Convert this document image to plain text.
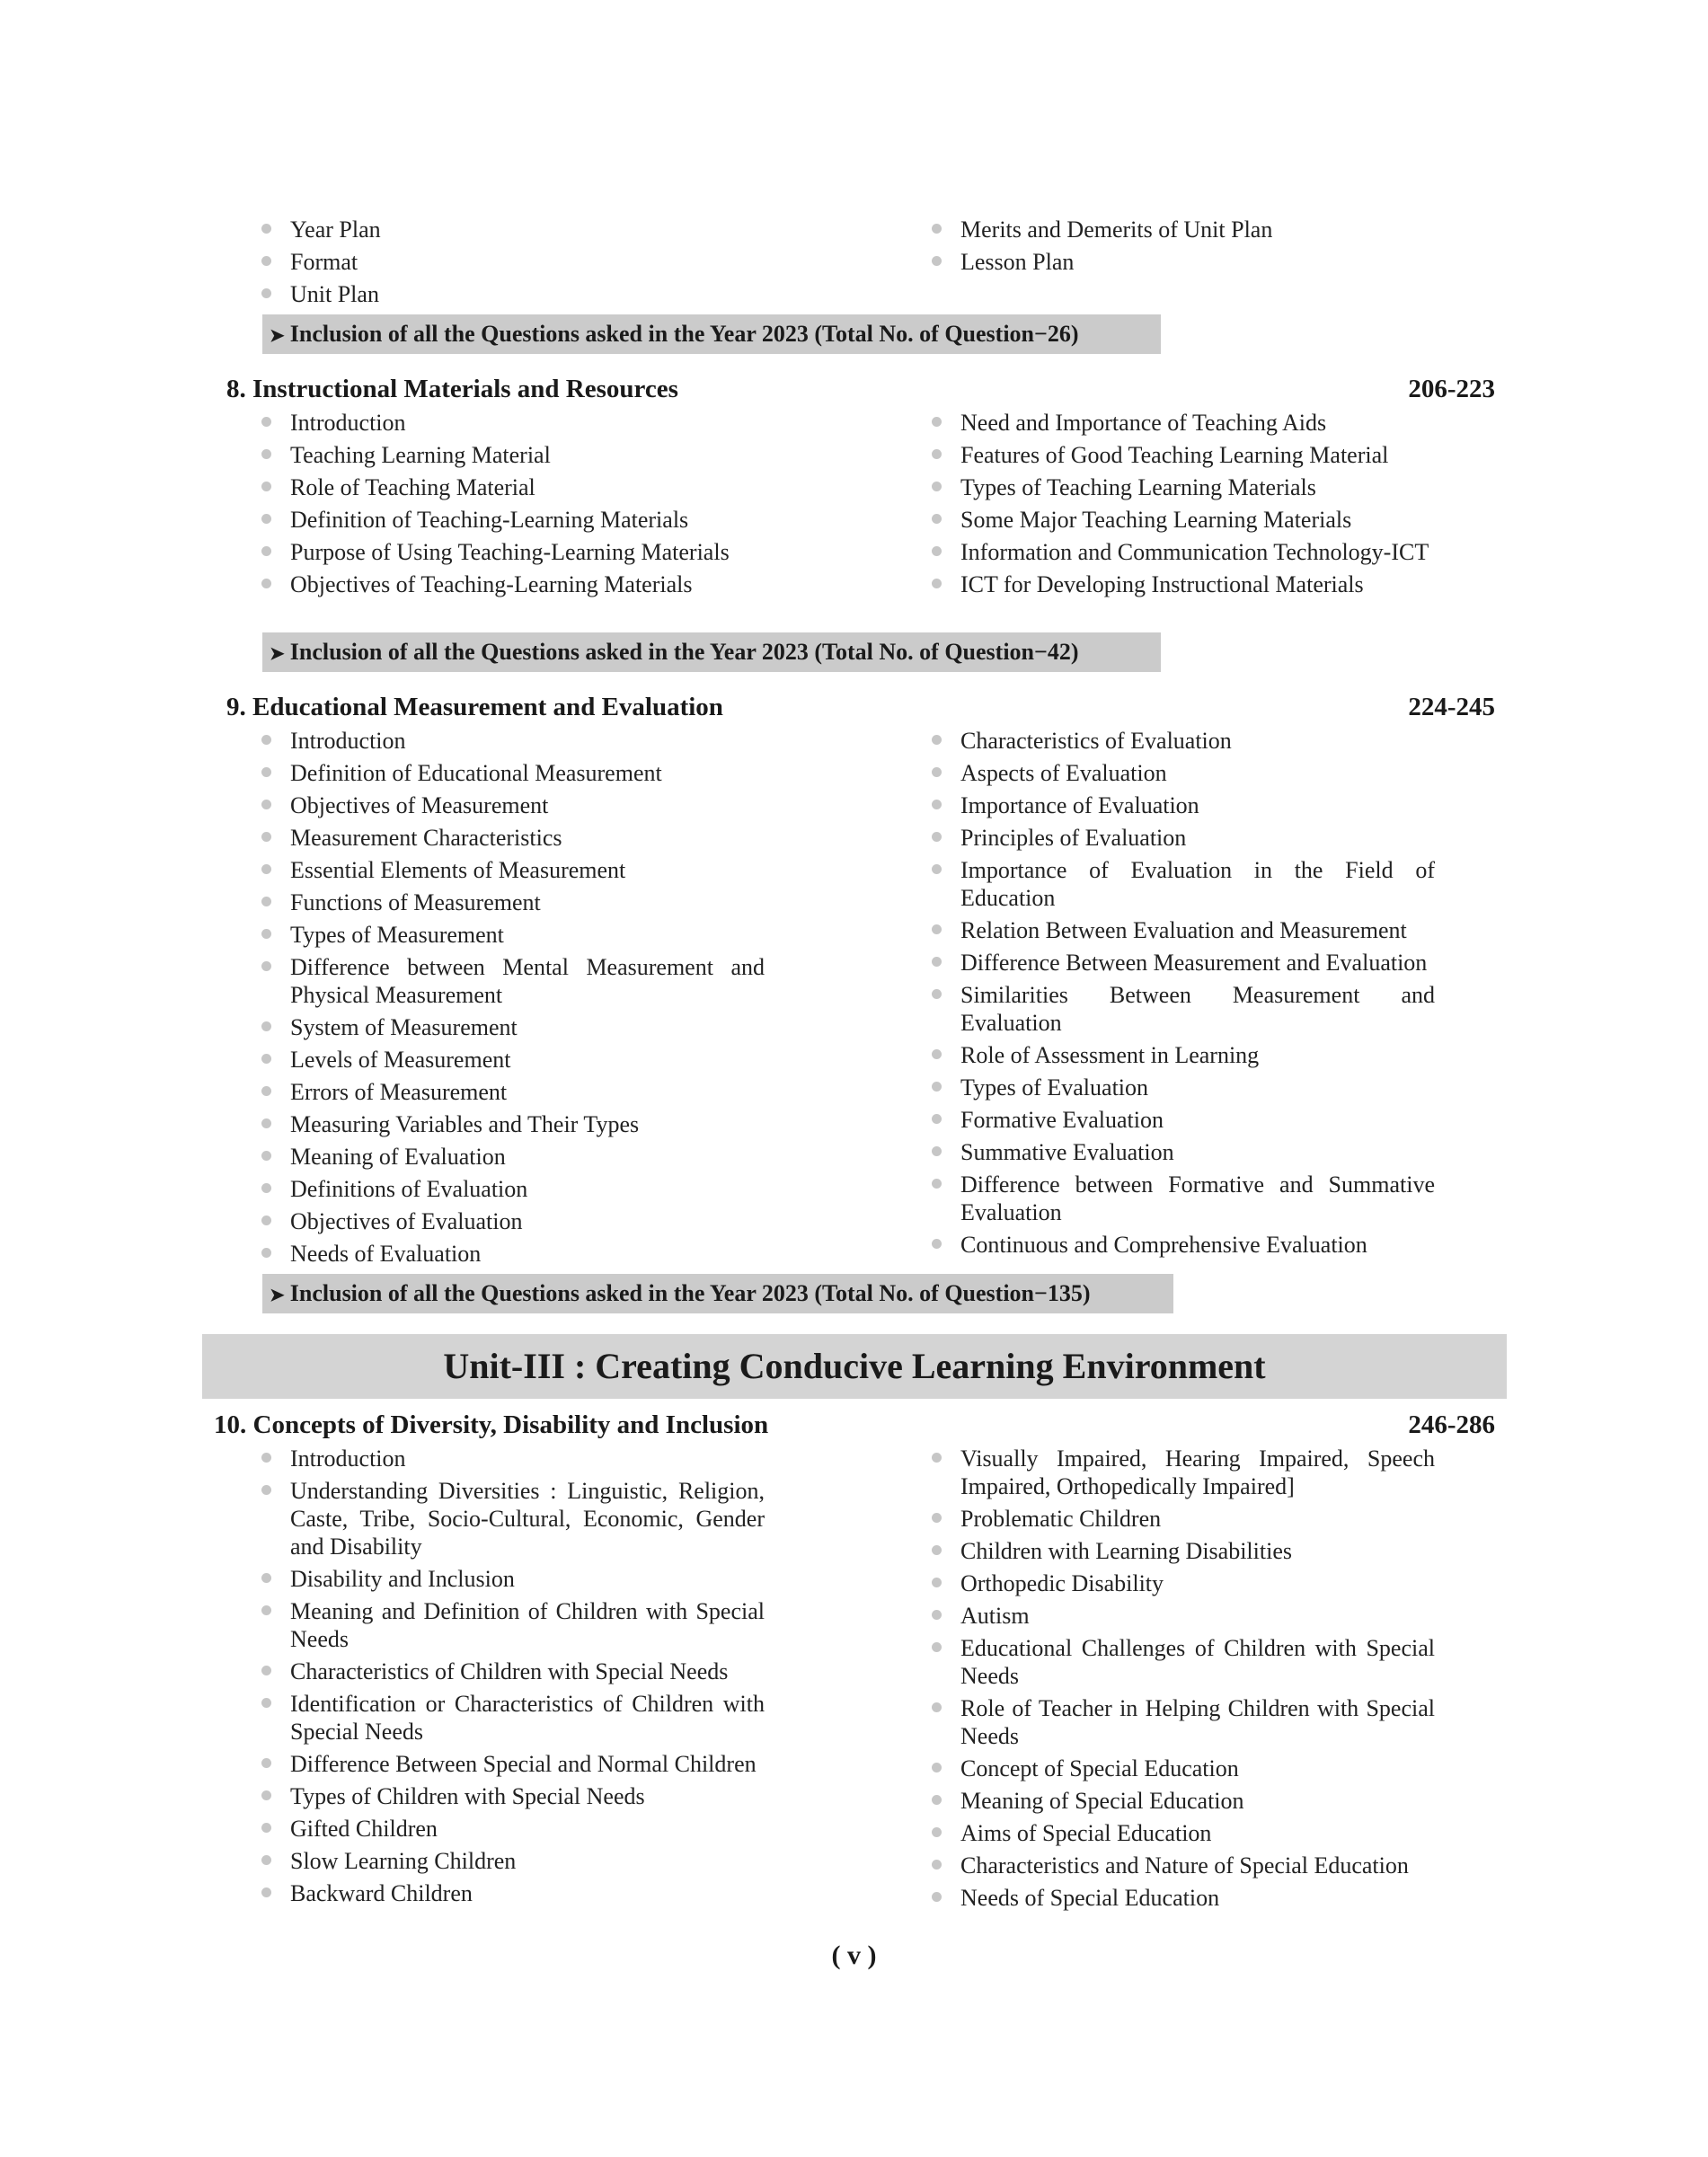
Year Plan
Format
Unit Plan
Merits and Demerits of Unit Plan
Lesson Plan
➤ Inclusion of all the Questions asked in the Year 2023 (Total No. of Question−26)
8. Instructional Materials and Resources	206-223
Introduction
Teaching Learning Material
Role of Teaching Material
Definition of Teaching-Learning Materials
Purpose of Using Teaching-Learning Materials
Objectives of Teaching-Learning Materials
Need and Importance of Teaching Aids
Features of Good Teaching Learning Material
Types of Teaching Learning Materials
Some Major Teaching Learning Materials
Information and Communication Technology-ICT
ICT for Developing Instructional Materials
➤ Inclusion of all the Questions asked in the Year 2023 (Total No. of Question−42)
9. Educational Measurement and Evaluation	224-245
Introduction
Definition of Educational Measurement
Objectives of Measurement
Measurement Characteristics
Essential Elements of Measurement
Functions of Measurement
Types of Measurement
Difference between Mental Measurement and Physical Measurement
System of Measurement
Levels of Measurement
Errors of Measurement
Measuring Variables and Their Types
Meaning of Evaluation
Definitions of Evaluation
Objectives of Evaluation
Needs of Evaluation
Characteristics of Evaluation
Aspects of Evaluation
Importance of Evaluation
Principles of Evaluation
Importance of Evaluation in the Field of Education
Relation Between Evaluation and Measurement
Difference Between Measurement and Evaluation
Similarities Between Measurement and Evaluation
Role of Assessment in Learning
Types of Evaluation
Formative Evaluation
Summative Evaluation
Difference between Formative and Summative Evaluation
Continuous and Comprehensive Evaluation
➤ Inclusion of all the Questions asked in the Year 2023 (Total No. of Question−135)
Unit-III : Creating Conducive Learning Environment
10. Concepts of Diversity, Disability and Inclusion	246-286
Introduction
Understanding Diversities : Linguistic, Religion, Caste, Tribe, Socio-Cultural, Economic, Gender and Disability
Disability and Inclusion
Meaning and Definition of Children with Special Needs
Characteristics of Children with Special Needs
Identification or Characteristics of Children with Special Needs
Difference Between Special and Normal Children
Types of Children with Special Needs
Gifted Children
Slow Learning Children
Backward Children
Visually Impaired, Hearing Impaired, Speech Impaired, Orthopedically Impaired]
Problematic Children
Children with Learning Disabilities
Orthopedic Disability
Autism
Educational Challenges of Children with Special Needs
Role of Teacher in Helping Children with Special Needs
Concept of Special Education
Meaning of Special Education
Aims of Special Education
Characteristics and Nature of Special Education
Needs of Special Education
( v )
